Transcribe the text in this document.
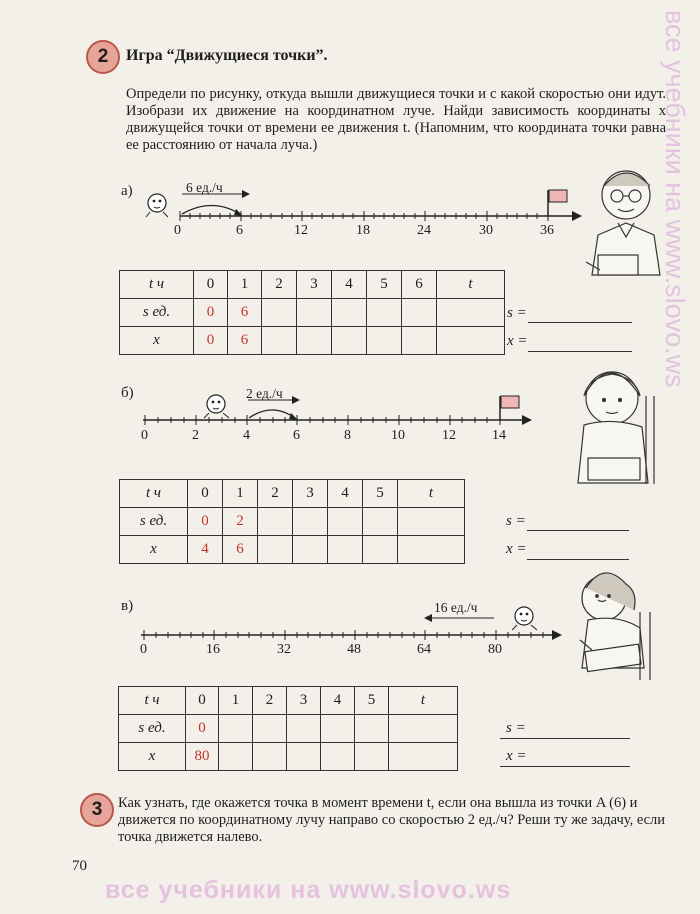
2	Игра “Движущиеся точки”.
Определи по рисунку, откуда вышли движущиеся точки и с какой скоростью они идут. Изобрази их движение на координатном луче. Найди зависимость координаты x движущейся точки от времени ее движения t. (Напомним, что координата точки равна ее расстоянию от начала луча.)
а)
0	6	12	18	24	30	36
6 ед./ч
t ч	0	1	2	3	4	5	6	t
s ед.	0	6						
x	0	6						
s =
x =
б)
0	2	4	6	8	10	12	14
2 ед./ч
t ч	0	1	2	3	4	5	t
s ед.	0	2					
x	4	6					
s =
x =
в)
0	16	32	48	64	80
16 ед./ч
t ч	0	1	2	3	4	5	t
s ед.	0						
x	80						
s =
x =
3	Как узнать, где окажется точка в момент времени t, если она вышла из точки A (6) и движется по координатному лучу направо со скоростью 2 ед./ч? Реши ту же задачу, если точка движется налево.
70
все учебники на www.slovo.ws
все учебники на www.slovo.ws
